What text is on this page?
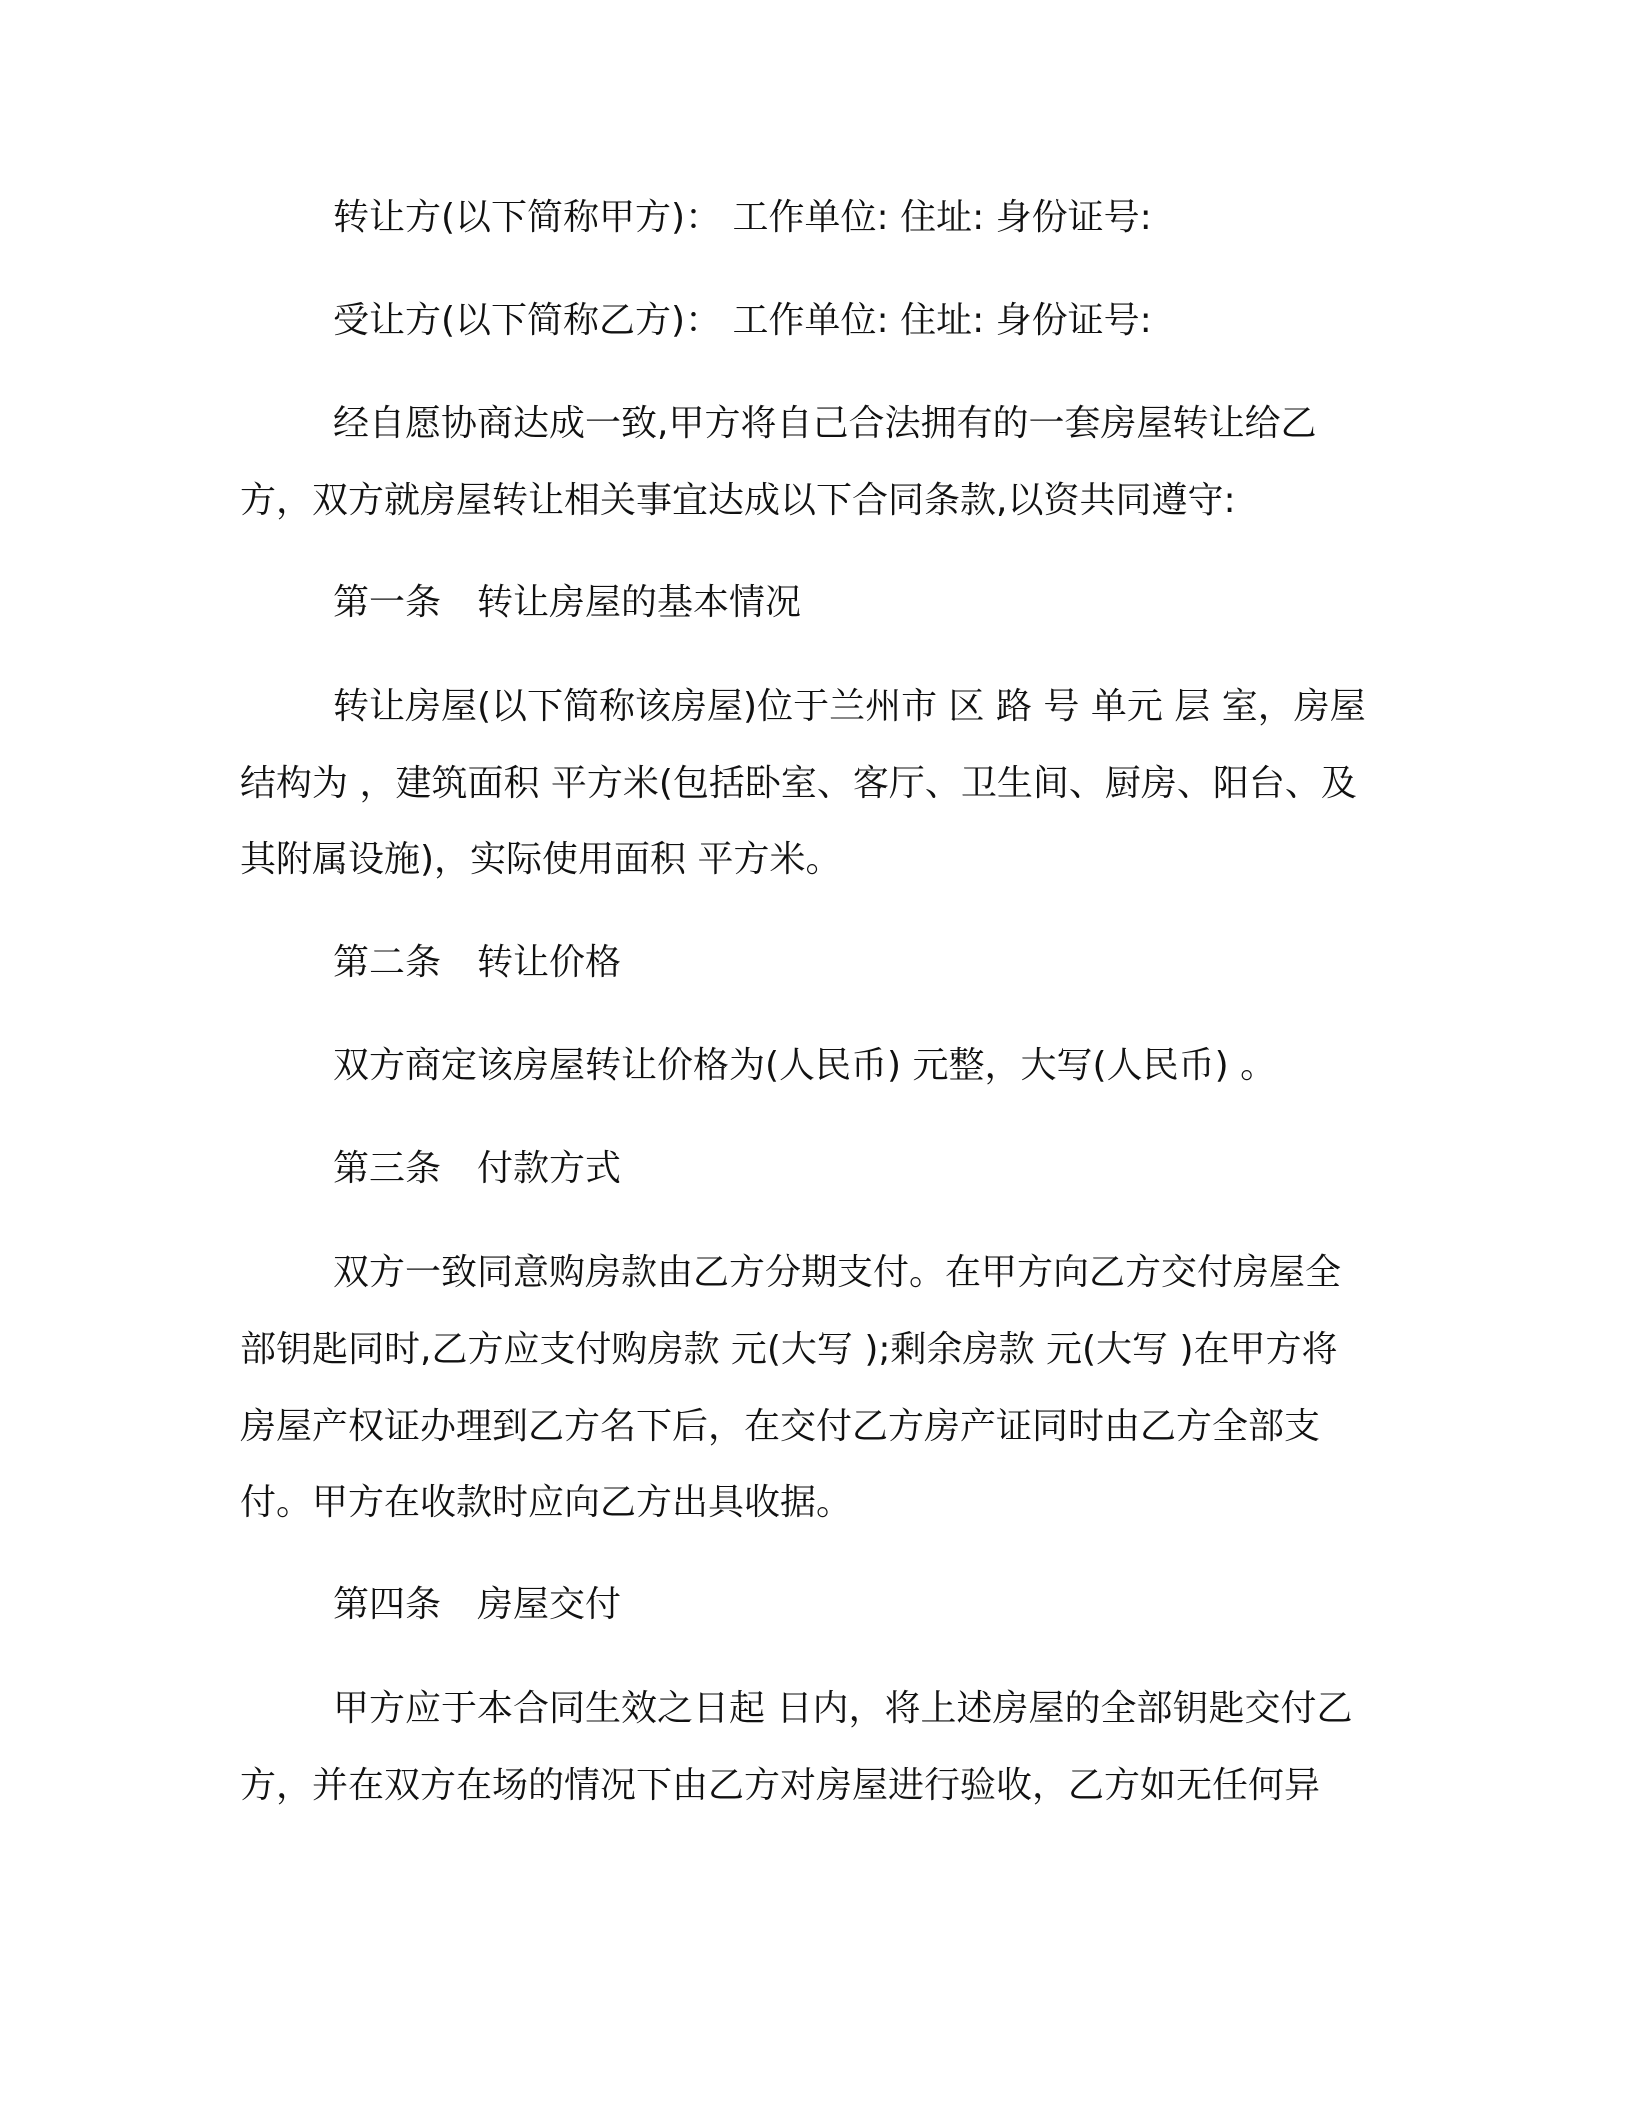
转让方(以下简称甲方)： 工作单位: 住址: 身份证号:
受让方(以下简称乙方)： 工作单位: 住址: 身份证号:
经自愿协商达成一致,甲方将自己合法拥有的一套房屋转让给乙
方，双方就房屋转让相关事宜达成以下合同条款,以资共同遵守:
第一条　转让房屋的基本情况
转让房屋(以下简称该房屋)位于兰州市 区 路 号 单元 层 室，房屋
结构为 ，建筑面积 平方米(包括卧室、客厅、卫生间、厨房、阳台、及
其附属设施)，实际使用面积 平方米。
第二条　转让价格
双方商定该房屋转让价格为(人民币) 元整，大写(人民币) 。
第三条　付款方式
双方一致同意购房款由乙方分期支付。在甲方向乙方交付房屋全
部钥匙同时,乙方应支付购房款 元(大写 );剩余房款 元(大写 )在甲方将
房屋产权证办理到乙方名下后，在交付乙方房产证同时由乙方全部支
付。甲方在收款时应向乙方出具收据。
第四条　房屋交付
甲方应于本合同生效之日起 日内，将上述房屋的全部钥匙交付乙
方，并在双方在场的情况下由乙方对房屋进行验收，乙方如无任何异
